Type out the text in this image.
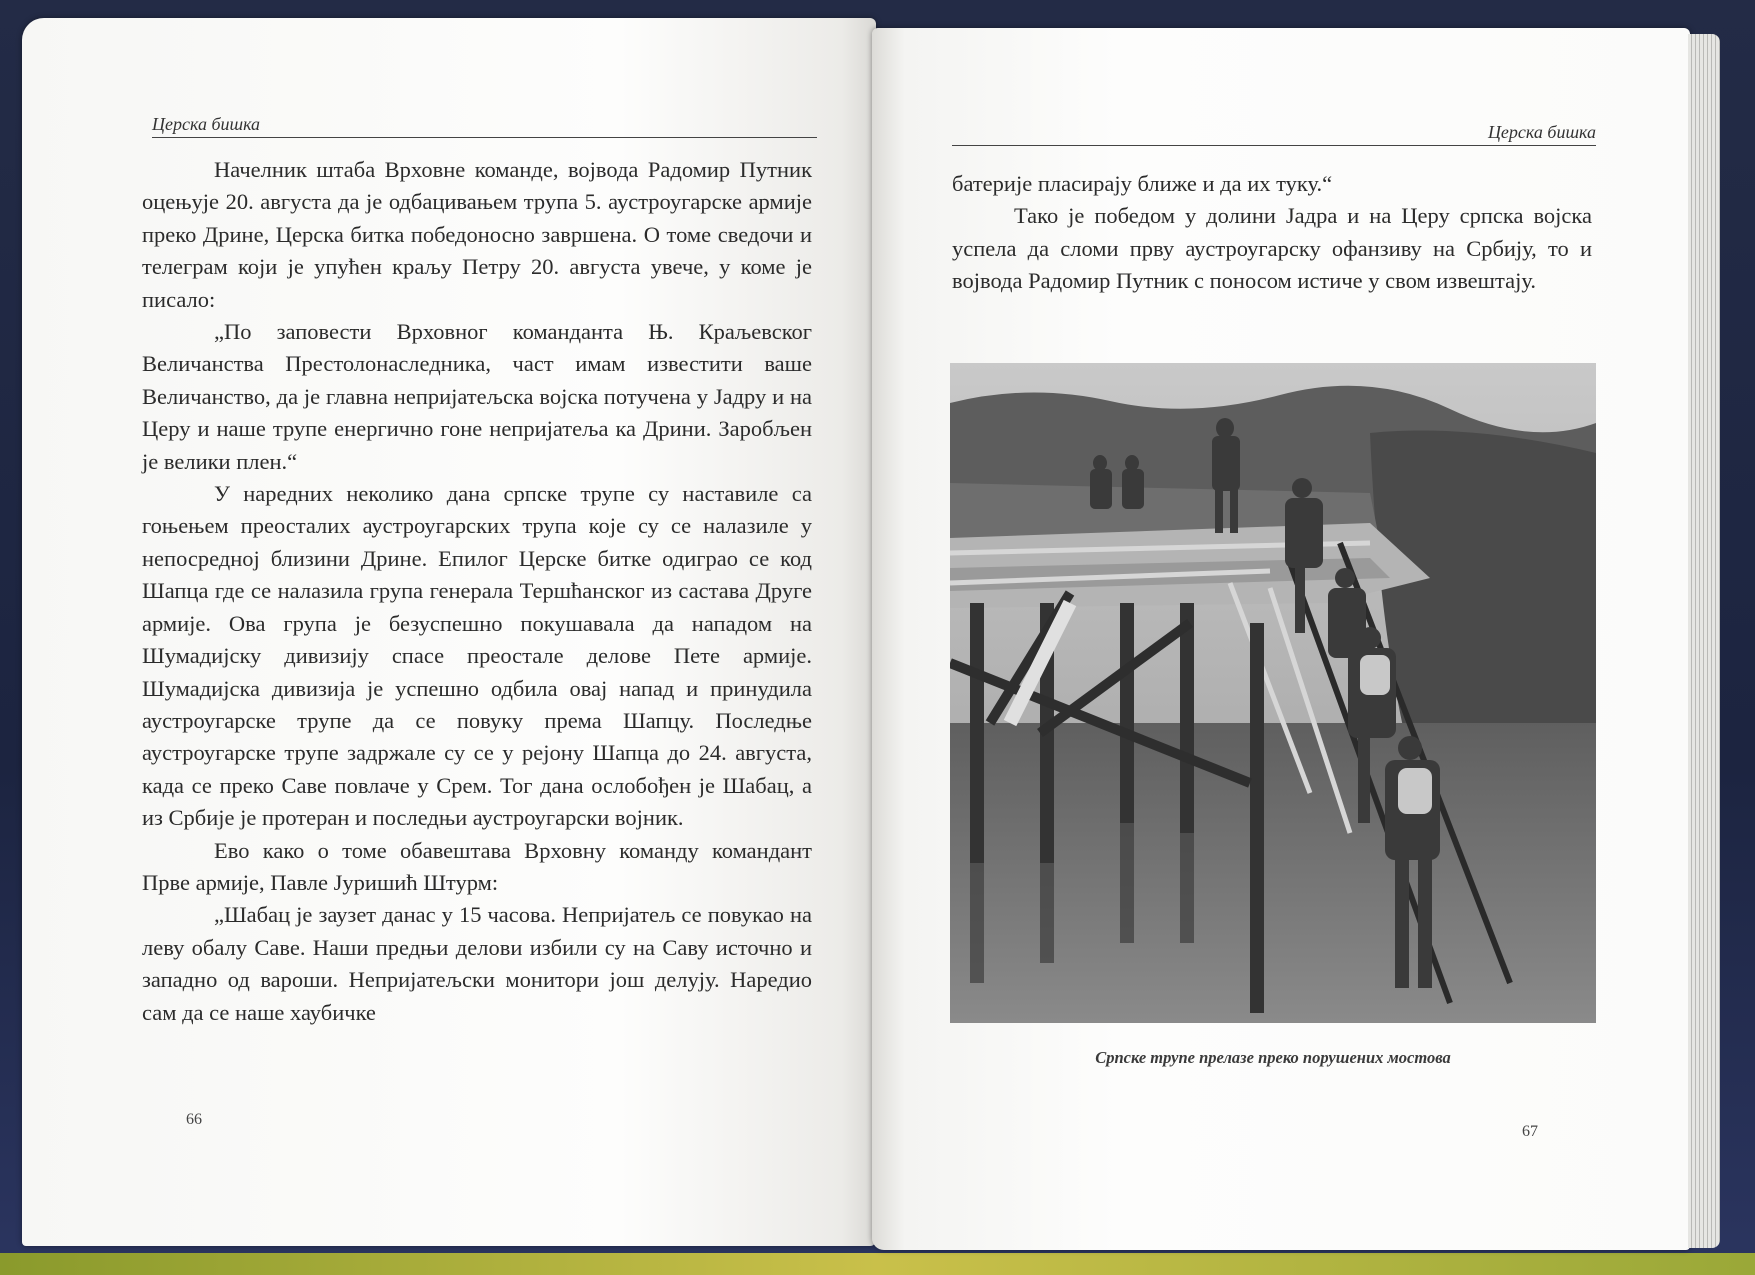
Церска бишка

Начелник штаба Врховне команде, војвода Радомир Путник оцењује 20. августа да је одбацивањем трупа 5. аустроугарске армије преко Дрине, Церска битка победоносно завршена. О томе сведочи и телеграм који је упућен краљу Петру 20. августа увече, у коме је писало:

„По заповести Врховног команданта Њ. Краљевског Величанства Престолонаследника, част имам известити ваше Величанство, да је главна непријатељска војска потучена у Јадру и на Церу и наше трупе енергично гоне непријатеља ка Дрини. Заробљен је велики плен.“

У наредних неколико дана српске трупе су наставиле са гоњењем преосталих аустроугарских трупа које су се налазиле у непосредној близини Дрине. Епилог Церске битке одиграо се код Шапца где се налазила група генерала Тершћанског из састава Друге армије. Ова група је безуспешно покушавала да нападом на Шумадијску дивизију спасе преостале делове Пете армије. Шумадијска дивизија је успешно одбила овај напад и принудила аустроугарске трупе да се повуку према Шапцу. Последње аустроугарске трупе задржале су се у рејону Шапца до 24. августа, када се преко Саве повлаче у Срем. Тог дана ослобођен је Шабац, а из Србије је протеран и последњи аустроугарски војник.

Ево како о томе обавештава Врховну команду командант Прве армије, Павле Јуришић Штурм:

„Шабац је заузет данас у 15 часова. Непријатељ се повукао на леву обалу Саве. Наши предњи делови избили су на Саву источно и западно од вароши. Непријатељски монитори још делују. Наредио сам да се наше хаубичке

66
Церска бишка

батерије пласирају ближе и да их туку.“

Тако је победом у долини Јадра и на Церу српска војска успела да сломи прву аустроугарску офанзиву на Србију, то и војвода Радомир Путник с поносом истиче у свом извештају.

Српске трупе прелазе преко порушених мостова
67
